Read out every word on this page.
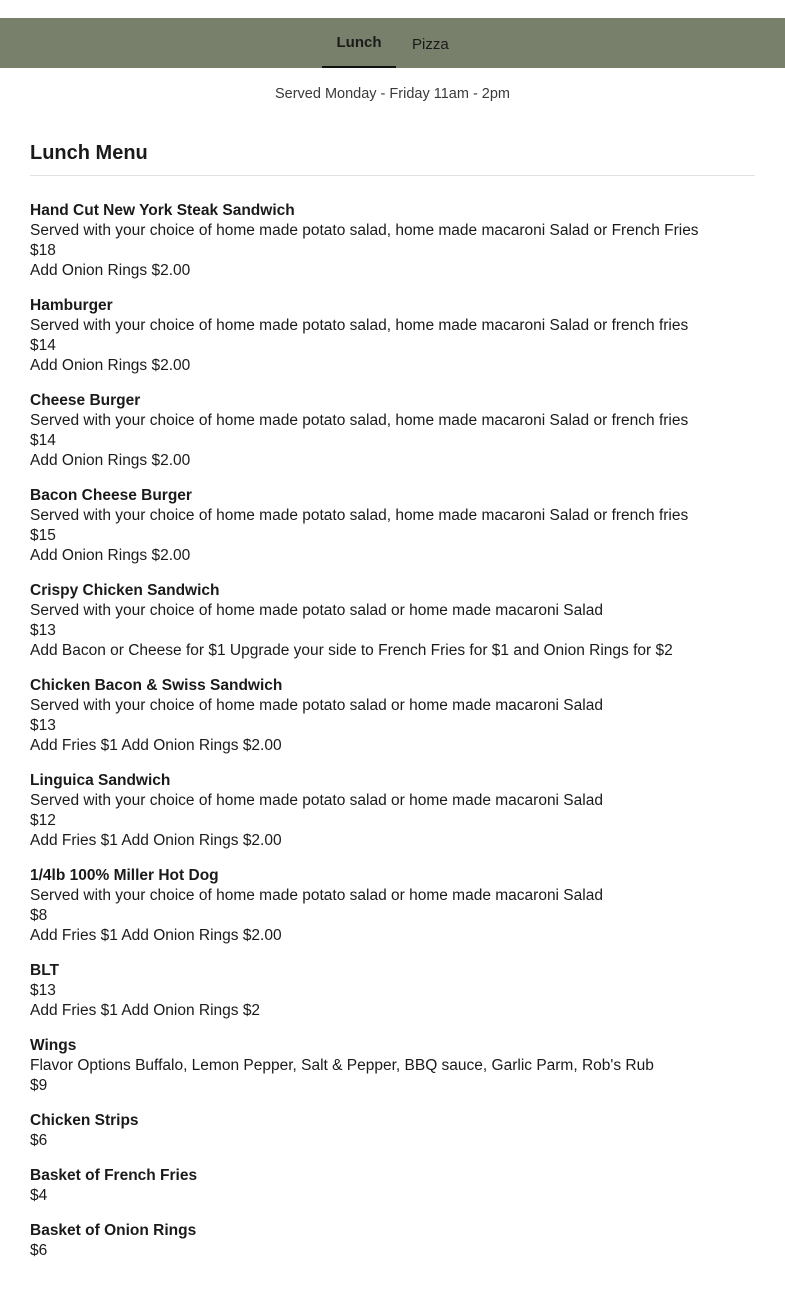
Lunch	Pizza
Served Monday - Friday 11am - 2pm
Lunch Menu
Hand Cut New York Steak Sandwich
Served with your choice of home made potato salad, home made macaroni Salad or French Fries
$18
Add Onion Rings $2.00
Hamburger
Served with your choice of home made potato salad, home made macaroni Salad or french fries
$14
Add Onion Rings $2.00
Cheese Burger
Served with your choice of home made potato salad, home made macaroni Salad or french fries
$14
Add Onion Rings $2.00
Bacon Cheese Burger
Served with your choice of home made potato salad, home made macaroni Salad or french fries
$15
Add Onion Rings $2.00
Crispy Chicken Sandwich
Served with your choice of home made potato salad or home made macaroni Salad
$13
Add Bacon or Cheese for $1 Upgrade your side to French Fries for $1 and Onion Rings for $2
Chicken Bacon & Swiss Sandwich
Served with your choice of home made potato salad or home made macaroni Salad
$13
Add Fries $1 Add Onion Rings $2.00
Linguica Sandwich
Served with your choice of home made potato salad or home made macaroni Salad
$12
Add Fries $1 Add Onion Rings $2.00
1/4lb 100% Miller Hot Dog
Served with your choice of home made potato salad or home made macaroni Salad
$8
Add Fries $1 Add Onion Rings $2.00
BLT
$13
Add Fries $1 Add Onion Rings $2
Wings
Flavor Options Buffalo, Lemon Pepper, Salt & Pepper, BBQ sauce, Garlic Parm, Rob's Rub
$9
Chicken Strips
$6
Basket of French Fries
$4
Basket of Onion Rings
$6
